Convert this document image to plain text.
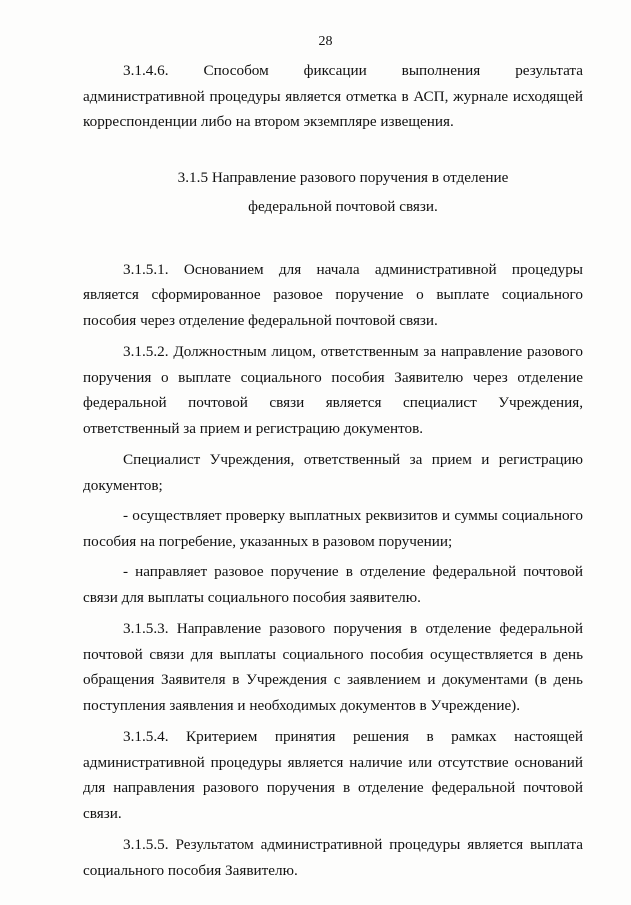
28

3.1.4.6. Способом фиксации выполнения результата административной процедуры является отметка в АСП, журнале исходящей корреспонденции либо на втором экземпляре извещения.

3.1.5 Направление разового поручения в отделение федеральной почтовой связи.

3.1.5.1. Основанием для начала административной процедуры является сформированное разовое поручение о выплате социального пособия через отделение федеральной почтовой связи.

3.1.5.2. Должностным лицом, ответственным за направление разового поручения о выплате социального пособия Заявителю через отделение федеральной почтовой связи является специалист Учреждения, ответственный за прием и регистрацию документов.

Специалист Учреждения, ответственный за прием и регистрацию документов;

- осуществляет проверку выплатных реквизитов и суммы социального пособия на погребение, указанных в разовом поручении;

- направляет разовое поручение в отделение федеральной почтовой связи для выплаты социального пособия заявителю.

3.1.5.3. Направление разового поручения в отделение федеральной почтовой связи для выплаты социального пособия осуществляется в день обращения Заявителя в Учреждения с заявлением и документами (в день поступления заявления и необходимых документов в Учреждение).

3.1.5.4. Критерием принятия решения в рамках настоящей административной процедуры является наличие или отсутствие оснований для направления разового поручения в отделение федеральной почтовой связи.

3.1.5.5. Результатом административной процедуры является выплата социального пособия Заявителю.
